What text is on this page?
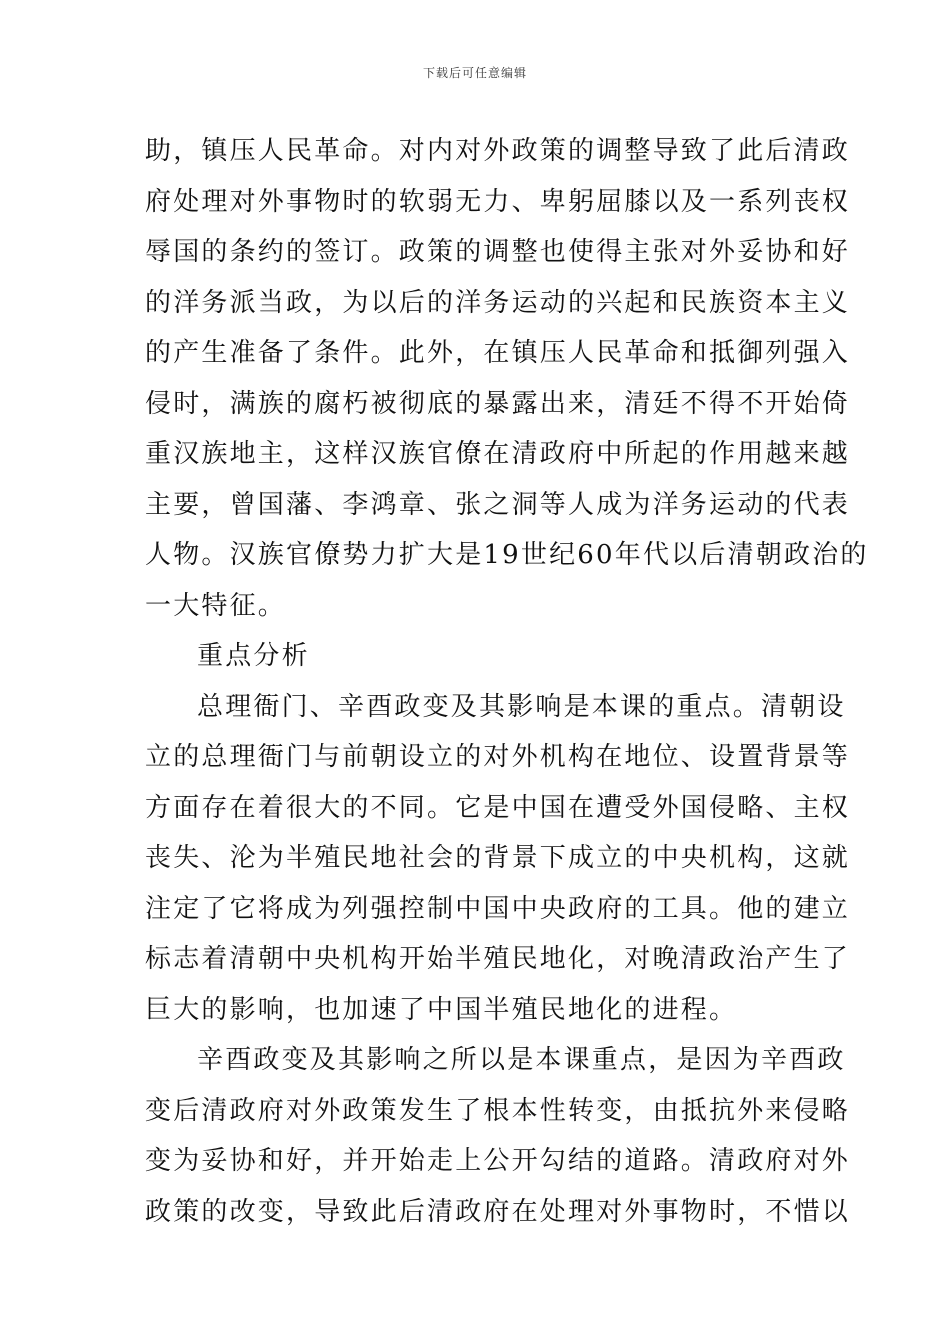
下载后可任意编辑
助，镇压人民革命。对内对外政策的调整导致了此后清政
府处理对外事物时的软弱无力、卑躬屈膝以及一系列丧权
辱国的条约的签订。政策的调整也使得主张对外妥协和好
的洋务派当政，为以后的洋务运动的兴起和民族资本主义
的产生准备了条件。此外，在镇压人民革命和抵御列强入
侵时，满族的腐朽被彻底的暴露出来，清廷不得不开始倚
重汉族地主，这样汉族官僚在清政府中所起的作用越来越
主要，曾国藩、李鸿章、张之洞等人成为洋务运动的代表
人物。汉族官僚势力扩大是19世纪60年代以后清朝政治的
一大特征。
重点分析
总理衙门、辛酉政变及其影响是本课的重点。清朝设
立的总理衙门与前朝设立的对外机构在地位、设置背景等
方面存在着很大的不同。它是中国在遭受外国侵略、主权
丧失、沦为半殖民地社会的背景下成立的中央机构，这就
注定了它将成为列强控制中国中央政府的工具。他的建立
标志着清朝中央机构开始半殖民地化，对晚清政治产生了
巨大的影响，也加速了中国半殖民地化的进程。
辛酉政变及其影响之所以是本课重点，是因为辛酉政
变后清政府对外政策发生了根本性转变，由抵抗外来侵略
变为妥协和好，并开始走上公开勾结的道路。清政府对外
政策的改变，导致此后清政府在处理对外事物时，不惜以
